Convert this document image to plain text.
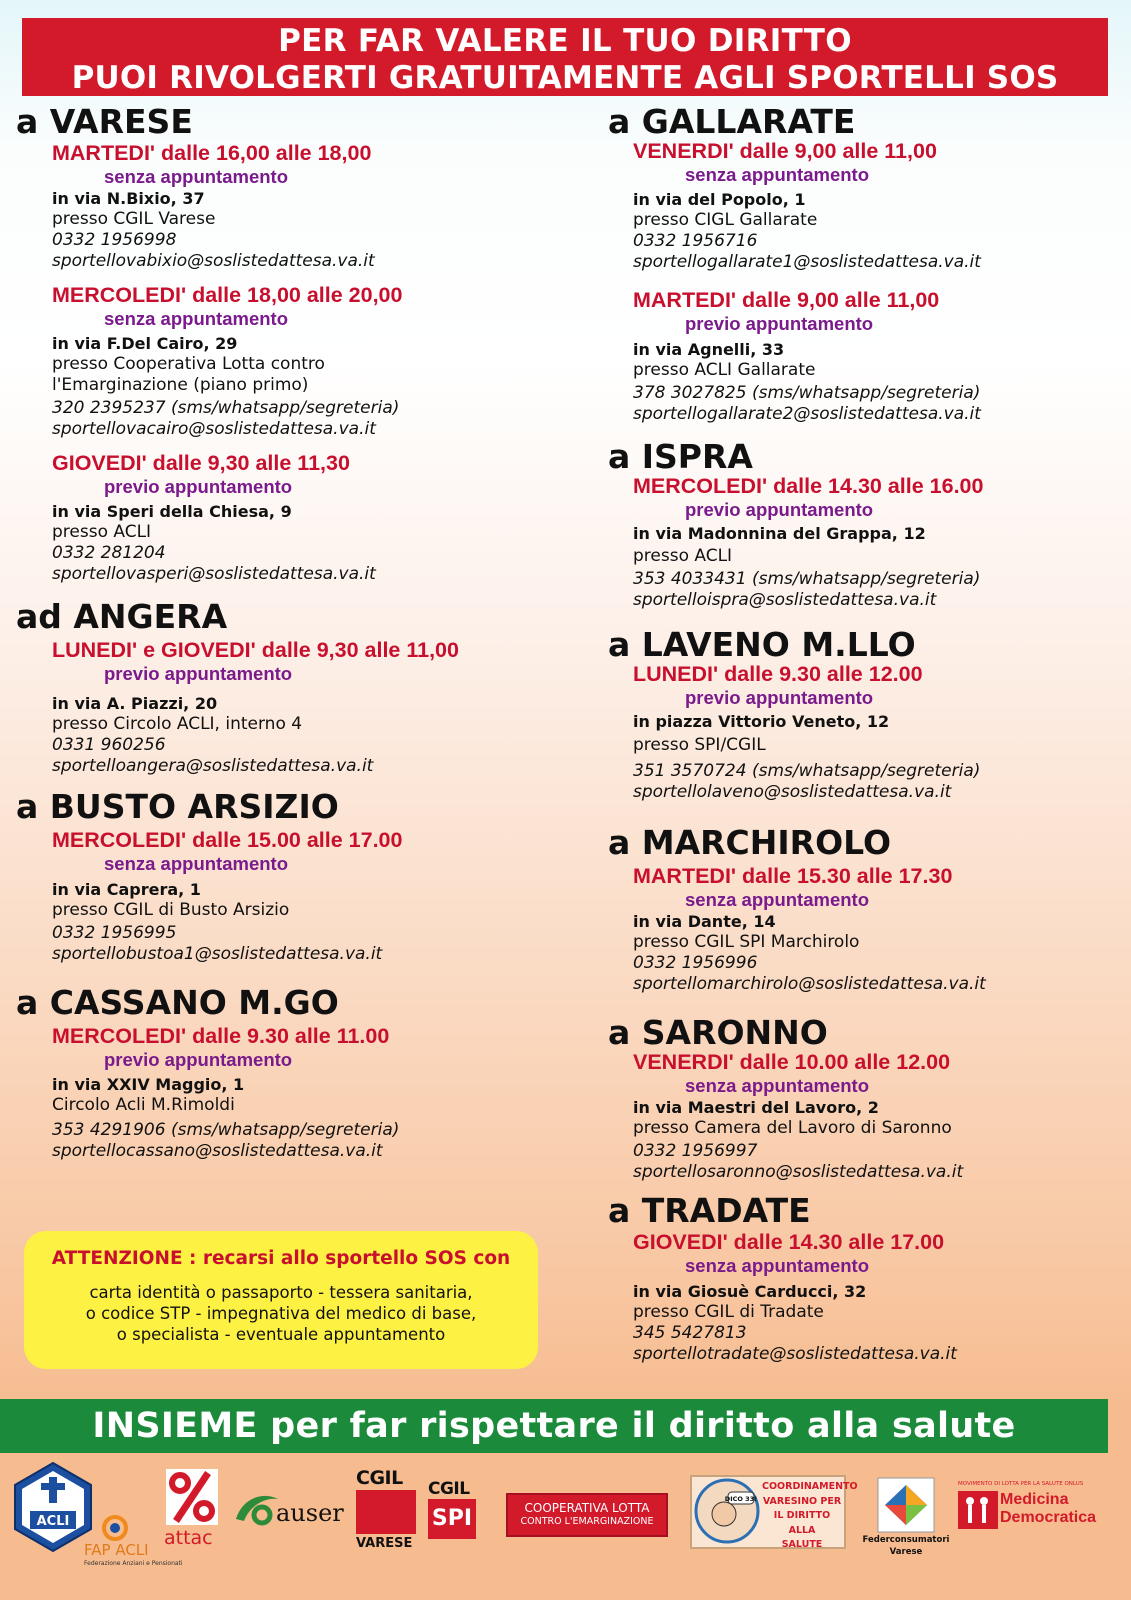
PER FAR VALERE IL TUO DIRITTO
PUOI RIVOLGERTI GRATUITAMENTE AGLI SPORTELLI SOS
a VARESE
MARTEDI' dalle 16,00 alle 18,00
senza appuntamento
in via N.Bixio, 37
presso CGIL Varese
0332 1956998
sportellovabixio@soslistedattesa.va.it
MERCOLEDI' dalle 18,00 alle 20,00
senza appuntamento
in via F.Del Cairo, 29
presso Cooperativa Lotta contro
l'Emarginazione (piano primo)
320 2395237 (sms/whatsapp/segreteria)
sportellovacairo@soslistedattesa.va.it
GIOVEDI' dalle 9,30 alle 11,30
previo appuntamento
in via Speri della Chiesa, 9
presso ACLI
0332 281204
sportellovasperi@soslistedattesa.va.it
ad ANGERA
LUNEDI' e GIOVEDI' dalle 9,30 alle 11,00
previo appuntamento
in via A. Piazzi, 20
presso Circolo ACLI, interno 4
0331 960256
sportelloangera@soslistedattesa.va.it
a BUSTO ARSIZIO
MERCOLEDI' dalle 15.00 alle 17.00
senza appuntamento
in via Caprera, 1
presso CGIL di Busto Arsizio
0332 1956995
sportellobustoa1@soslistedattesa.va.it
a CASSANO M.GO
MERCOLEDI' dalle 9.30 alle 11.00
previo appuntamento
in via XXIV Maggio, 1
Circolo Acli M.Rimoldi
353 4291906 (sms/whatsapp/segreteria)
sportellocassano@soslistedattesa.va.it
a GALLARATE
VENERDI' dalle 9,00 alle 11,00
senza appuntamento
in via del Popolo, 1
presso CIGL Gallarate
0332 1956716
sportellogallarate1@soslistedattesa.va.it
MARTEDI' dalle 9,00 alle 11,00
previo appuntamento
in via Agnelli, 33
presso ACLI Gallarate
378 3027825 (sms/whatsapp/segreteria)
sportellogallarate2@soslistedattesa.va.it
a ISPRA
MERCOLEDI' dalle 14.30 alle 16.00
previo appuntamento
in via Madonnina del Grappa, 12
presso ACLI
353 4033431 (sms/whatsapp/segreteria)
sportelloispra@soslistedattesa.va.it
a LAVENO M.LLO
LUNEDI' dalle 9.30 alle 12.00
previo appuntamento
in piazza Vittorio Veneto, 12
presso SPI/CGIL
351 3570724 (sms/whatsapp/segreteria)
sportellolaveno@soslistedattesa.va.it
a MARCHIROLO
MARTEDI' dalle 15.30 alle 17.30
senza appuntamento
in via Dante, 14
presso CGIL SPI Marchirolo
0332 1956996
sportellomarchirolo@soslistedattesa.va.it
a SARONNO
VENERDI' dalle 10.00 alle 12.00
senza appuntamento
in via Maestri del Lavoro, 2
presso Camera del Lavoro di Saronno
0332 1956997
sportellosaronno@soslistedattesa.va.it
a TRADATE
GIOVEDI' dalle 14.30 alle 17.00
senza appuntamento
in via Giosuè Carducci, 32
presso CGIL di Tradate
345 5427813
sportellotradate@soslistedattesa.va.it
ATTENZIONE : recarsi allo sportello SOS con
carta identità o passaporto - tessera sanitaria,
o codice STP - impegnativa del medico di base,
o specialista - eventuale appuntamento
INSIEME per far rispettare il diritto alla salute
ACLI
FAP ACLI
Federazione Anziani e Pensionati
attac
auser
CGIL
VARESE
CGIL
SPI	COOPERATIVA LOTTA
CONTRO L'EMARGINAZIONE
DICO 33!
COORDINAMENTO
VARESINO PER
IL DIRITTO ALLA
SALUTE	Federconsumatori
Varese
MOVIMENTO DI LOTTA PER LA SALUTE ONLUS
Medicina
Democratica
